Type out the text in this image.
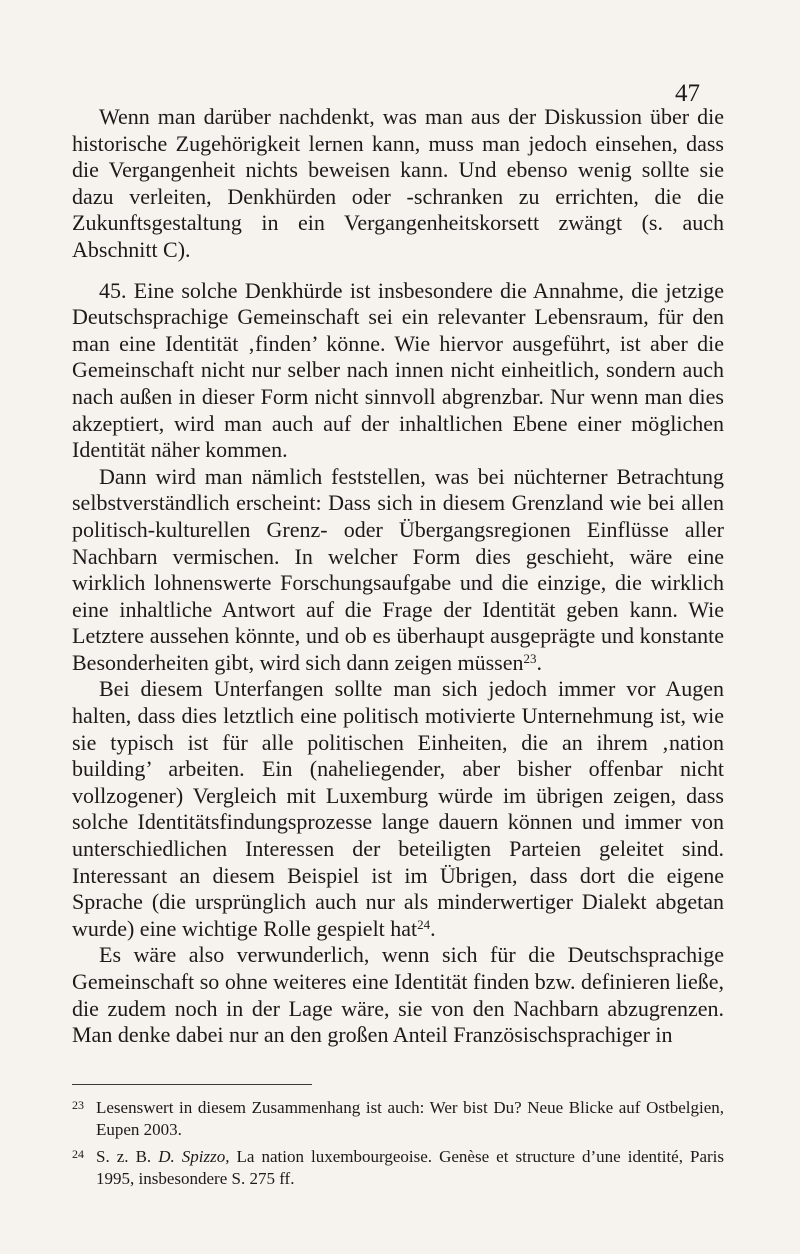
47

Wenn man darüber nachdenkt, was man aus der Diskussion über die historische Zugehörigkeit lernen kann, muss man jedoch einsehen, dass die Vergangenheit nichts beweisen kann. Und ebenso wenig sollte sie dazu verleiten, Denkhürden oder -schranken zu errichten, die die Zukunftsgestaltung in ein Vergangenheitskorsett zwängt (s. auch Abschnitt C).

45. Eine solche Denkhürde ist insbesondere die Annahme, die jetzige Deutschsprachige Gemeinschaft sei ein relevanter Lebensraum, für den man eine Identität ‚finden’ könne. Wie hiervor ausgeführt, ist aber die Gemeinschaft nicht nur selber nach innen nicht einheitlich, sondern auch nach außen in dieser Form nicht sinnvoll abgrenzbar. Nur wenn man dies akzeptiert, wird man auch auf der inhaltlichen Ebene einer möglichen Identität näher kommen.

Dann wird man nämlich feststellen, was bei nüchterner Betrachtung selbstverständlich erscheint: Dass sich in diesem Grenzland wie bei allen politisch-kulturellen Grenz- oder Übergangsregionen Einflüsse aller Nachbarn vermischen. In welcher Form dies geschieht, wäre eine wirklich lohnenswerte Forschungsaufgabe und die einzige, die wirklich eine inhaltliche Antwort auf die Frage der Identität geben kann. Wie Letztere aussehen könnte, und ob es überhaupt ausgeprägte und konstante Besonderheiten gibt, wird sich dann zeigen müssen$^{23}$.

Bei diesem Unterfangen sollte man sich jedoch immer vor Augen halten, dass dies letztlich eine politisch motivierte Unternehmung ist, wie sie typisch ist für alle politischen Einheiten, die an ihrem ‚nation building’ arbeiten. Ein (naheliegender, aber bisher offenbar nicht vollzogener) Vergleich mit Luxemburg würde im übrigen zeigen, dass solche Identitätsfindungsprozesse lange dauern können und immer von unterschiedlichen Interessen der beteiligten Parteien geleitet sind. Interessant an diesem Beispiel ist im Übrigen, dass dort die eigene Sprache (die ursprünglich auch nur als minderwertiger Dialekt abgetan wurde) eine wichtige Rolle gespielt hat$^{24}$.

Es wäre also verwunderlich, wenn sich für die Deutschsprachige Gemeinschaft so ohne weiteres eine Identität finden bzw. definieren ließe, die zudem noch in der Lage wäre, sie von den Nachbarn abzugrenzen. Man denke dabei nur an den großen Anteil Französischsprachiger in

23 Lesenswert in diesem Zusammenhang ist auch: Wer bist Du? Neue Blicke auf Ostbelgien, Eupen 2003.
24 S. z. B. D. Spizzo, La nation luxembourgeoise. Genèse et structure d’une identité, Paris 1995, insbesondere S. 275 ff.
